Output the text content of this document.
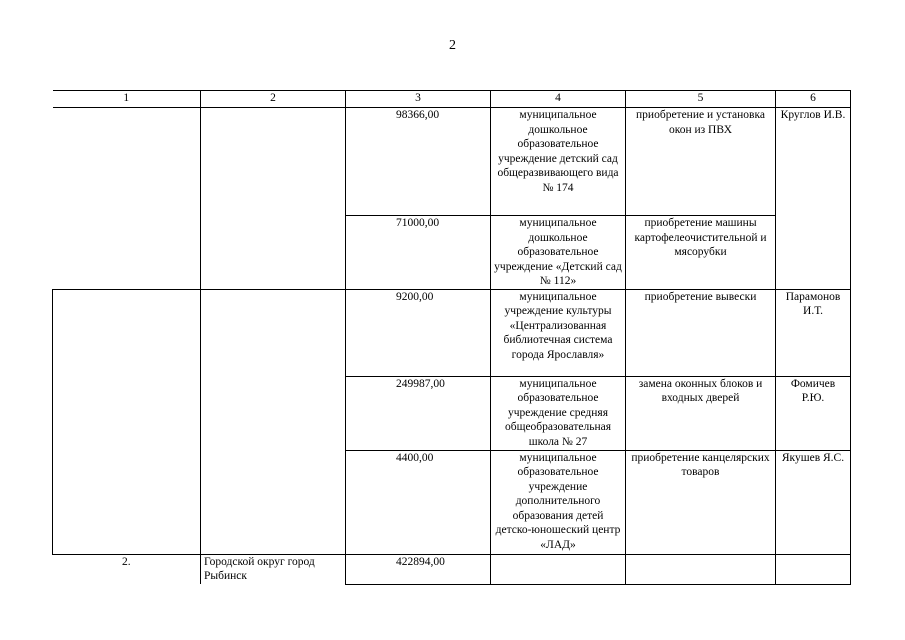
2
1	2	3	4	5	6
		98366,00	муниципальное дошкольное образовательное учреждение детский сад общеразвивающего вида № 174	приобретение и установка окон из ПВХ	Круглов И.В.
		71000,00	муниципальное дошкольное образовательное учреждение «Детский сад № 112»	приобретение машины картофелеочистительной и мясорубки	
		9200,00	муниципальное учреждение культуры «Централизованная библиотечная система города Ярославля»	приобретение вывески	Парамонов И.Т.
		249987,00	муниципальное образовательное учреждение средняя общеобразовательная школа № 27	замена оконных блоков и входных дверей	Фомичев Р.Ю.
		4400,00	муниципальное образовательное учреждение дополнительного образования детей детско-юношеский центр «ЛАД»	приобретение канцелярских товаров	Якушев Я.С.
2.	Городской округ город Рыбинск	422894,00			
